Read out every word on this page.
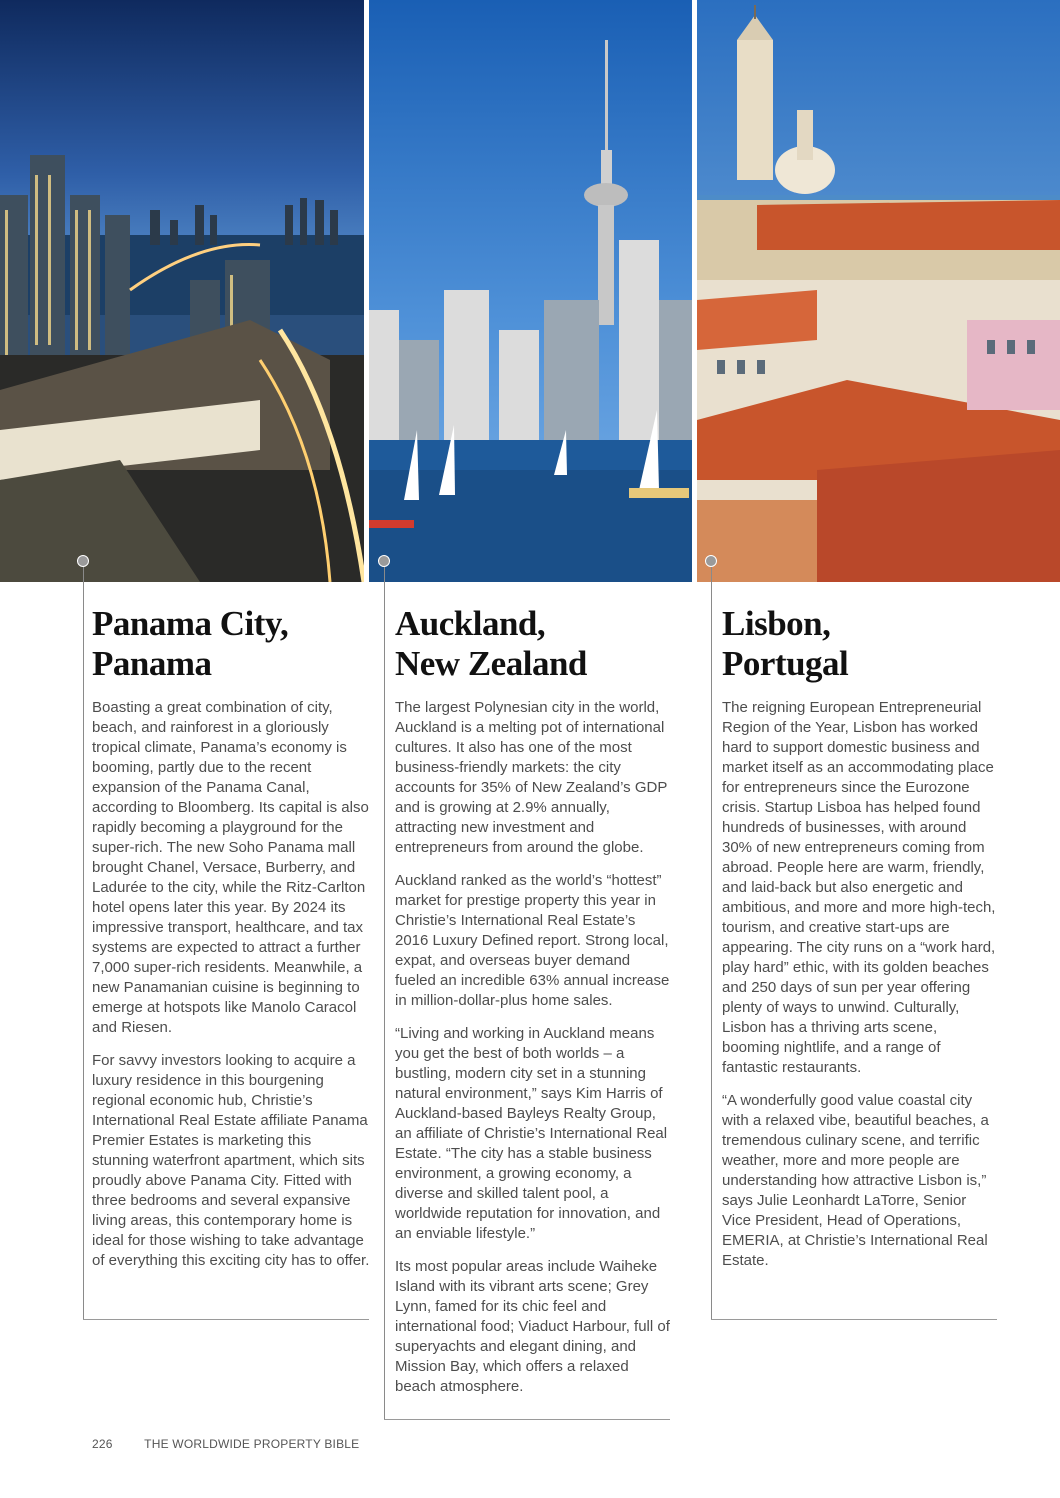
Panama City,
Panama

Boasting a great combination of city, beach, and rainforest in a gloriously tropical climate, Panama’s economy is booming, partly due to the recent expansion of the Panama Canal, according to Bloomberg. Its capital is also rapidly becoming a playground for the super-rich. The new Soho Panama mall brought Chanel, Versace, Burberry, and Ladurée to the city, while the Ritz-Carlton hotel opens later this year. By 2024 its impressive transport, healthcare, and tax systems are expected to attract a further 7,000 super-rich residents. Meanwhile, a new Panamanian cuisine is beginning to emerge at hotspots like Manolo Caracol and Riesen.

For savvy investors looking to acquire a luxury residence in this bourgening regional economic hub, Christie’s International Real Estate affiliate Panama Premier Estates is marketing this stunning waterfront apartment, which sits proudly above Panama City. Fitted with three bedrooms and several expansive living areas, this contemporary home is ideal for those wishing to take advantage of everything this exciting city has to offer.

Auckland,
New Zealand

The largest Polynesian city in the world, Auckland is a melting pot of international cultures. It also has one of the most business-friendly markets: the city accounts for 35% of New Zealand’s GDP and is growing at 2.9% annually, attracting new investment and entrepreneurs from around the globe.

Auckland ranked as the world’s “hottest” market for prestige property this year in Christie’s International Real Estate’s 2016 Luxury Defined report. Strong local, expat, and overseas buyer demand fueled an incredible 63% annual increase in million-dollar-plus home sales.

“Living and working in Auckland means you get the best of both worlds – a bustling, modern city set in a stunning natural environment,” says Kim Harris of Auckland-based Bayleys Realty Group, an affiliate of Christie’s International Real Estate. “The city has a stable business environment, a growing economy, a diverse and skilled talent pool, a worldwide reputation for innovation, and an enviable lifestyle.”

Its most popular areas include Waiheke Island with its vibrant arts scene; Grey Lynn, famed for its chic feel and international food; Viaduct Harbour, full of superyachts and elegant dining, and Mission Bay, which offers a relaxed beach atmosphere.

Lisbon,
Portugal

The reigning European Entrepreneurial Region of the Year, Lisbon has worked hard to support domestic business and market itself as an accommodating place for entrepreneurs since the Eurozone crisis. Startup Lisboa has helped found hundreds of businesses, with around 30% of new entrepreneurs coming from abroad. People here are warm, friendly, and laid-back but also energetic and ambitious, and more and more high-tech, tourism, and creative start-ups are appearing. The city runs on a “work hard, play hard” ethic, with its golden beaches and 250 days of sun per year offering plenty of ways to unwind. Culturally, Lisbon has a thriving arts scene, booming nightlife, and a range of fantastic restaurants.

“A wonderfully good value coastal city with a relaxed vibe, beautiful beaches, a tremendous culinary scene, and terrific weather, more and more people are understanding how attractive Lisbon is,” says Julie Leonhardt LaTorre, Senior Vice President, Head of Operations, EMERIA, at Christie’s International Real Estate.

226	THE WORLDWIDE PROPERTY BIBLE
